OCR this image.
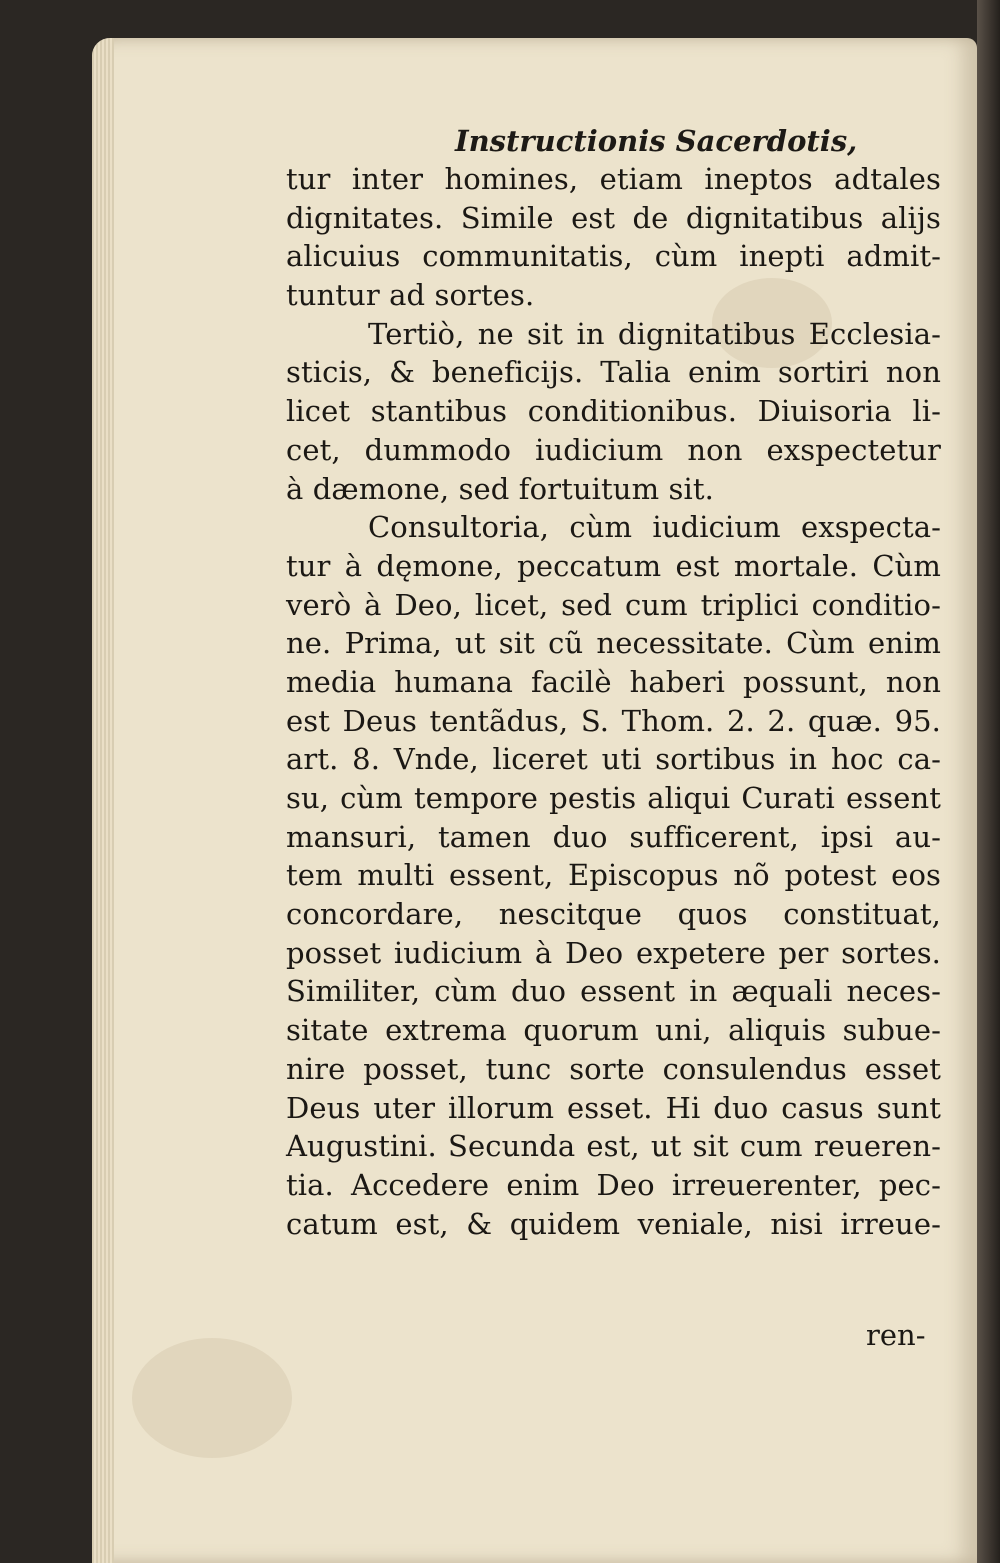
Instructionis Sacerdotis,
tur inter homines, etiam ineptos adtales
dignitates. Simile est de dignitatibus alijs
alicuius communitatis, cùm inepti admit-
tuntur ad sortes.
Tertiò, ne sit in dignitatibus Ecclesia-
sticis, & beneficijs. Talia enim sortiri non
licet stantibus conditionibus. Diuisoria li-
cet, dummodo iudicium non exspectetur
à dæmone, sed fortuitum sit.
Consultoria, cùm iudicium exspecta-
tur à dęmone, peccatum est mortale. Cùm
verò à Deo, licet, sed cum triplici conditio-
ne. Prima, ut sit cũ necessitate. Cùm enim
media humana facilè haberi possunt, non
est Deus tentãdus, S. Thom. 2. 2. quæ. 95.
art. 8. Vnde, liceret uti sortibus in hoc ca-
su, cùm tempore pestis aliqui Curati essent
mansuri, tamen duo sufficerent, ipsi au-
tem multi essent, Episcopus nõ potest eos
concordare, nescitque quos constituat,
posset iudicium à Deo expetere per sortes.
Similiter, cùm duo essent in æquali neces-
sitate extrema quorum uni, aliquis subue-
nire posset, tunc sorte consulendus esset
Deus uter illorum esset. Hi duo casus sunt
Augustini. Secunda est, ut sit cum reueren-
tia. Accedere enim Deo irreuerenter, pec-
catum est, & quidem veniale, nisi irreue-
ren-
